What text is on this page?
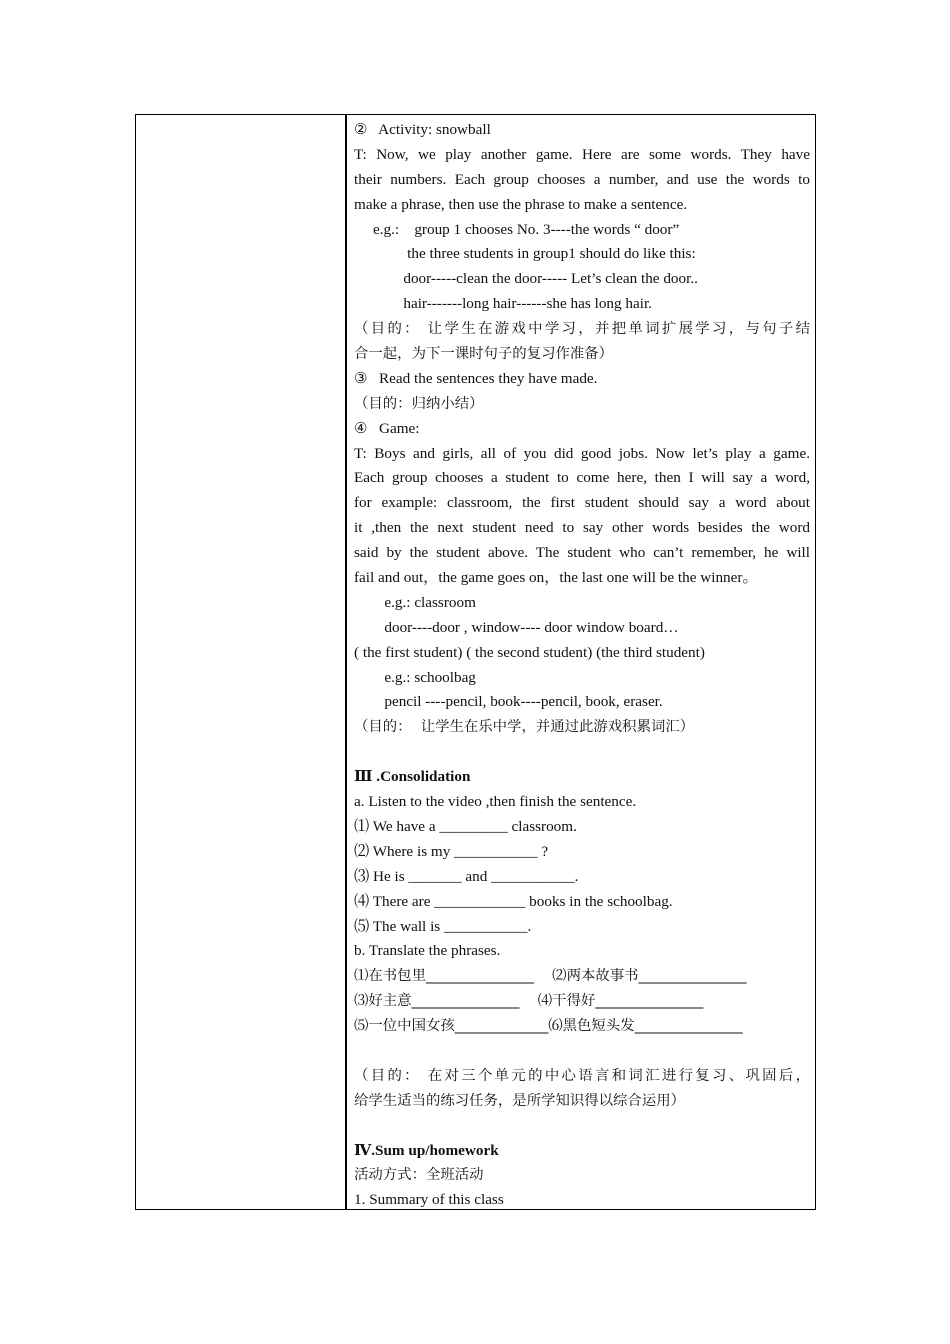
②   Activity: snowball
T: Now, we play another game. Here are some words. They have
their numbers. Each group chooses a number, and use the words to
make a phrase, then use the phrase to make a sentence.
e.g.:    group 1 chooses No. 3----the words “ door”
the three students in group1 should do like this:
door-----clean the door----- Let’s clean the door..
hair-------long hair------she has long hair.
（目的： 让学生在游戏中学习，并把单词扩展学习，与句子结
合一起，为下一课时句子的复习作准备）
③   Read the sentences they have made.
（目的：归纳小结）
④   Game:
T: Boys and girls, all of you did good jobs. Now let’s play a game.
Each group chooses a student to come here, then I will say a word,
for example: classroom, the first student should say a word about
it ,then the next student need to say other words besides the word
said by the student above. The student who can’t remember, he will
fail and out，the game goes on，the last one will be the winner。
e.g.: classroom
door----door , window---- door window board…
( the first student) ( the second student) (the third student)
e.g.: schoolbag
pencil ----pencil, book----pencil, book, eraser.
（目的：  让学生在乐中学，并通过此游戏积累词汇）
Ⅲ .Consolidation
a. Listen to the video ,then finish the sentence.
⑴ We have a _________ classroom.
⑵ Where is my ___________ ?
⑶ He is _______ and ___________.
⑷ There are ____________ books in the schoolbag.
⑸ The wall is ___________.
b. Translate the phrases.
⑴在书包里_______________    ⑵两本故事书_______________
⑶好主意_______________    ⑷干得好_______________
⑸一位中国女孩_____________⑹黑色短头发_______________
（目的： 在对三个单元的中心语言和词汇进行复习、巩固后，
给学生适当的练习任务，是所学知识得以综合运用）
Ⅳ.Sum up/homework
活动方式：全班活动
1. Summary of this class
